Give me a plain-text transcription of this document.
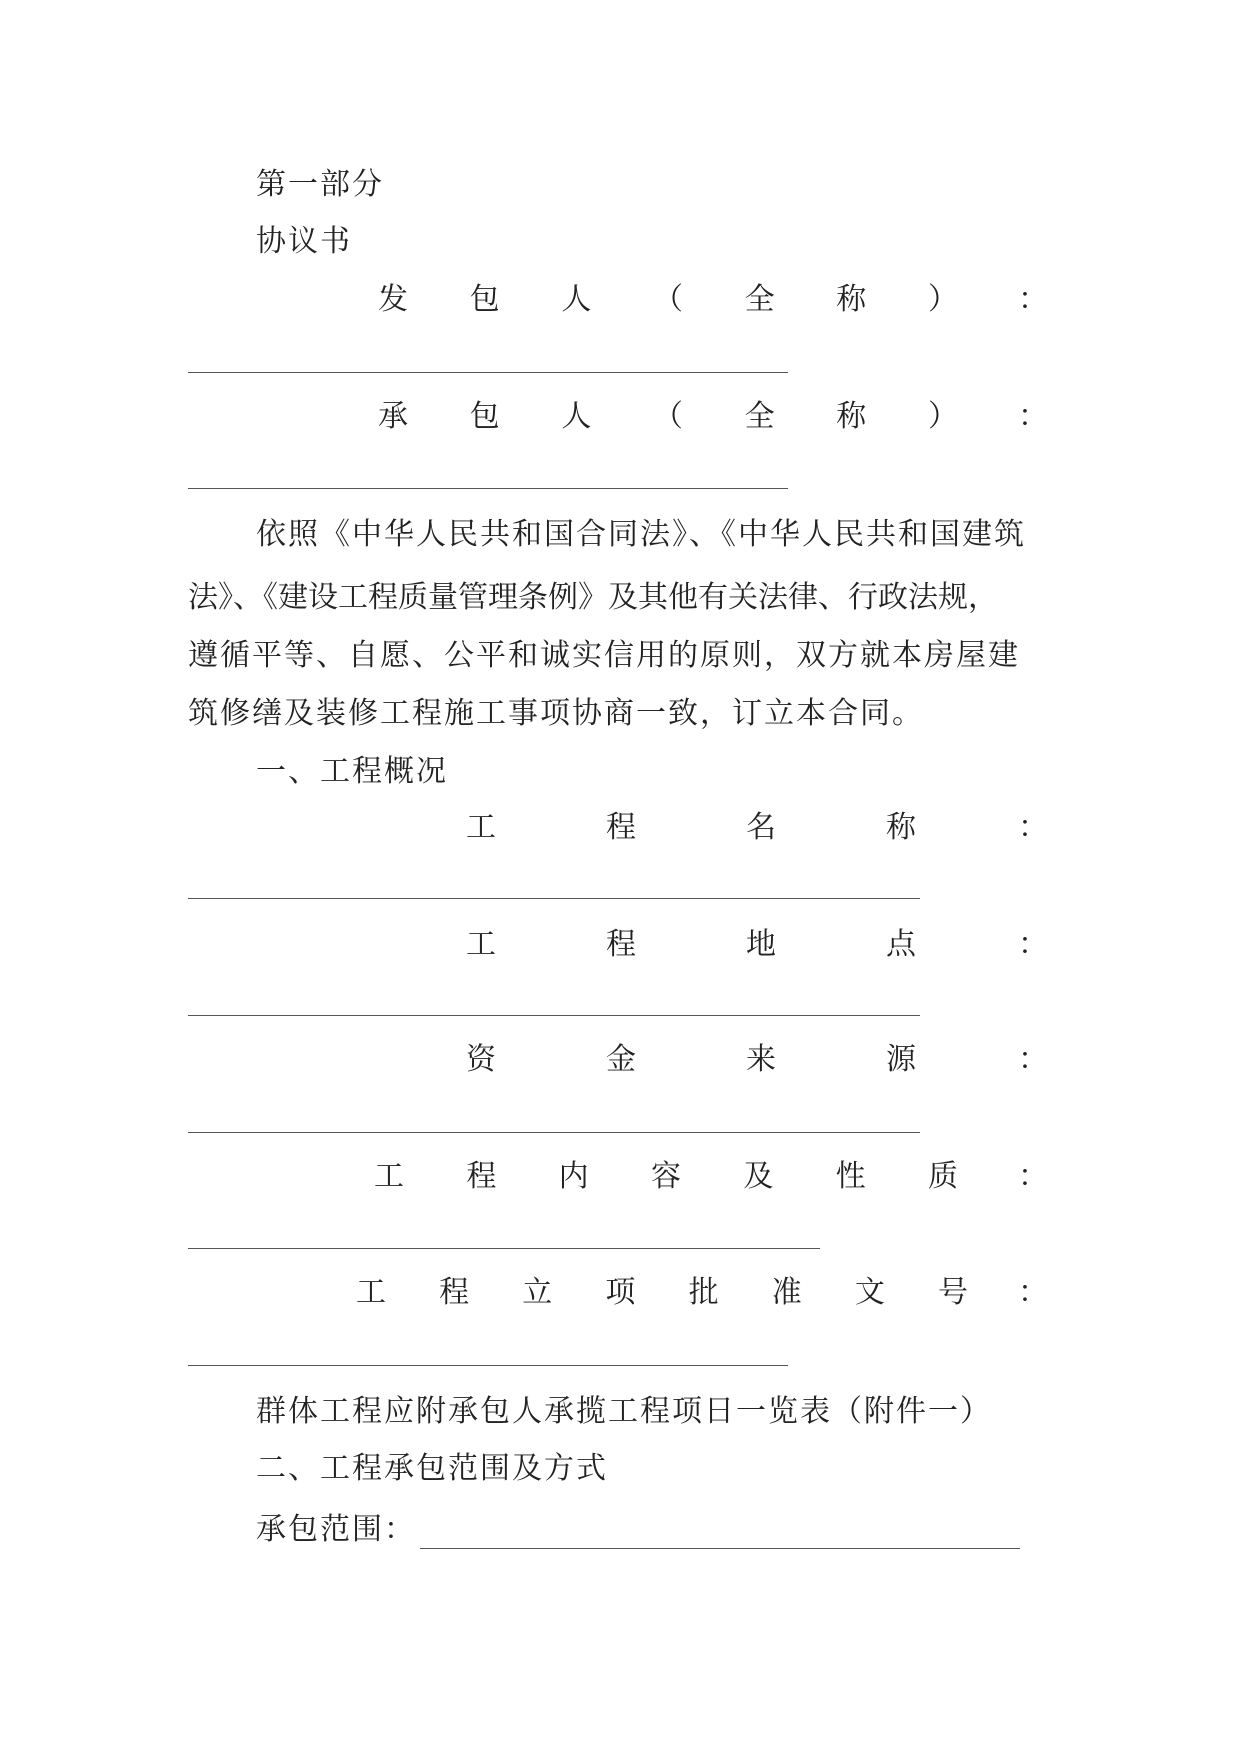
第一部分
协议书
发 包 人 （ 全 称 ） ：
承 包 人 （ 全 称 ） ：
依照《中华人民共和国合同法》、《中华人民共和国建筑
法》、《建设工程质量管理条例》及其他有关法律、行政法规，
遵循平等、自愿、公平和诚实信用的原则，双方就本房屋建
筑修缮及装修工程施工事项协商一致，订立本合同。
一、工程概况
工	程	名	称	：
工	程	地	点	：
资	金	来	源	：
工 程 内 容 及 性 质 ：
工 程 立 项 批 准 文 号 ：
群体工程应附承包人承揽工程项日一览表（附件一）
二、工程承包范围及方式
承包范围：
